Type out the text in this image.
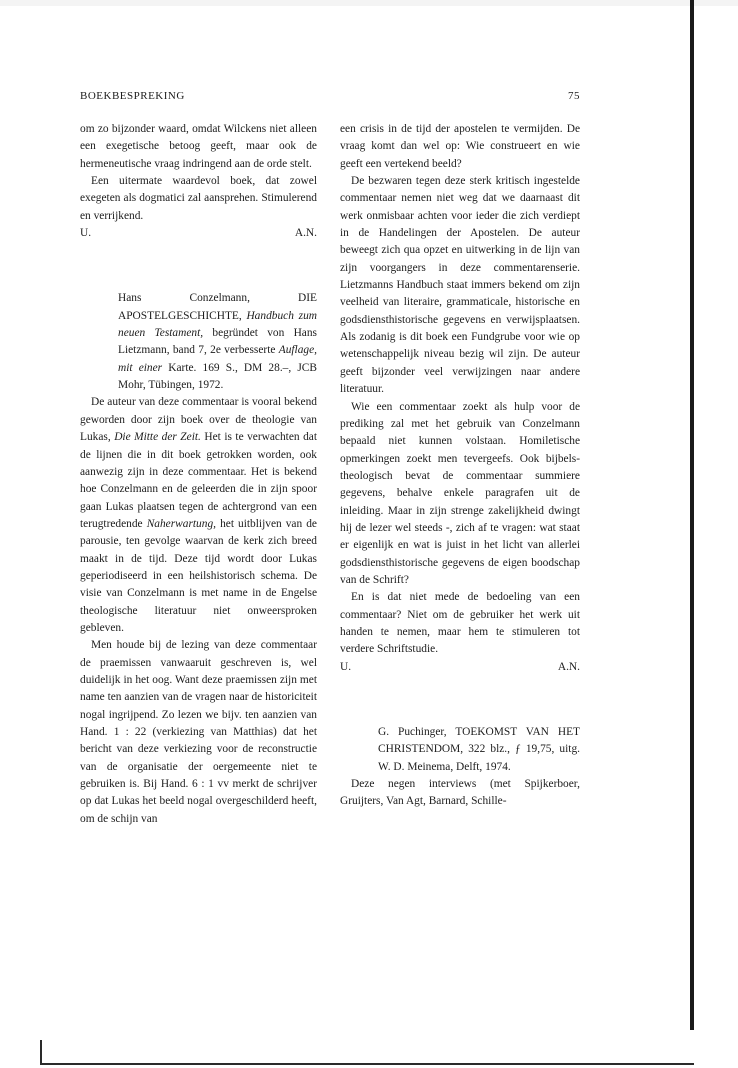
BOEKBESPREKING	75

om zo bijzonder waard, omdat Wilckens niet alleen een exegetische betoog geeft, maar ook de hermeneutische vraag indringend aan de orde stelt.

Een uitermate waardevol boek, dat zowel exegeten als dogmatici zal aansprehen. Stimulerend en verrijkend.

U.	A.N.
Hans Conzelmann, DIE APOSTELGESCHICHTE, Handbuch zum neuen Testament, begründet von Hans Lietzmann, band 7, 2e verbesserte Auflage, mit einer Karte. 169 S., DM 28.–, JCB Mohr, Tübingen, 1972.

De auteur van deze commentaar is vooral bekend geworden door zijn boek over de theologie van Lukas, Die Mitte der Zeit. Het is te verwachten dat de lijnen die in dit boek getrokken worden, ook aanwezig zijn in deze commentaar. Het is bekend hoe Conzelmann en de geleerden die in zijn spoor gaan Lukas plaatsen tegen de achtergrond van een terugtredende Naherwartung, het uitblijven van de parousie, ten gevolge waarvan de kerk zich breed maakt in de tijd. Deze tijd wordt door Lukas geperiodiseerd in een heilshistorisch schema. De visie van Conzelmann is met name in de Engelse theologische literatuur niet onweersproken gebleven.

Men houde bij de lezing van deze commentaar de praemissen vanwaaruit geschreven is, wel duidelijk in het oog. Want deze praemissen zijn met name ten aanzien van de vragen naar de historiciteit nogal ingrijpend. Zo lezen we bijv. ten aanzien van Hand. 1 : 22 (verkiezing van Matthias) dat het bericht van deze verkiezing voor de reconstructie van de organisatie der oergemeente niet te gebruiken is. Bij Hand. 6 : 1 vv merkt de schrijver op dat Lukas het beeld nogal overgeschilderd heeft, om de schijn van

een crisis in de tijd der apostelen te vermijden. De vraag komt dan wel op: Wie construeert en wie geeft een vertekend beeld?

De bezwaren tegen deze sterk kritisch ingestelde commentaar nemen niet weg dat we daarnaast dit werk onmisbaar achten voor ieder die zich verdiept in de Handelingen der Apostelen. De auteur beweegt zich qua opzet en uitwerking in de lijn van zijn voorgangers in deze commentarenserie. Lietzmanns Handbuch staat immers bekend om zijn veelheid van literaire, grammaticale, historische en godsdiensthistorische gegevens en verwijsplaatsen. Als zodanig is dit boek een Fundgrube voor wie op wetenschappelijk niveau bezig wil zijn. De auteur geeft bijzonder veel verwijzingen naar andere literatuur.

Wie een commentaar zoekt als hulp voor de prediking zal met het gebruik van Conzelmann bepaald niet kunnen volstaan. Homiletische opmerkingen zoekt men tevergeefs. Ook bijbels-theologisch bevat de commentaar summiere gegevens, behalve enkele paragrafen uit de inleiding. Maar in zijn strenge zakelijkheid dwingt hij de lezer wel steeds -, zich af te vragen: wat staat er eigenlijk en wat is juist in het licht van allerlei godsdiensthistorische gegevens de eigen boodschap van de Schrift?

En is dat niet mede de bedoeling van een commentaar? Niet om de gebruiker het werk uit handen te nemen, maar hem te stimuleren tot verdere Schriftstudie.

U.	A.N.
G. Puchinger, TOEKOMST VAN HET CHRISTENDOM, 322 blz., ƒ 19,75, uitg. W. D. Meinema, Delft, 1974.

Deze negen interviews (met Spijkerboer, Gruijters, Van Agt, Barnard, Schille-
